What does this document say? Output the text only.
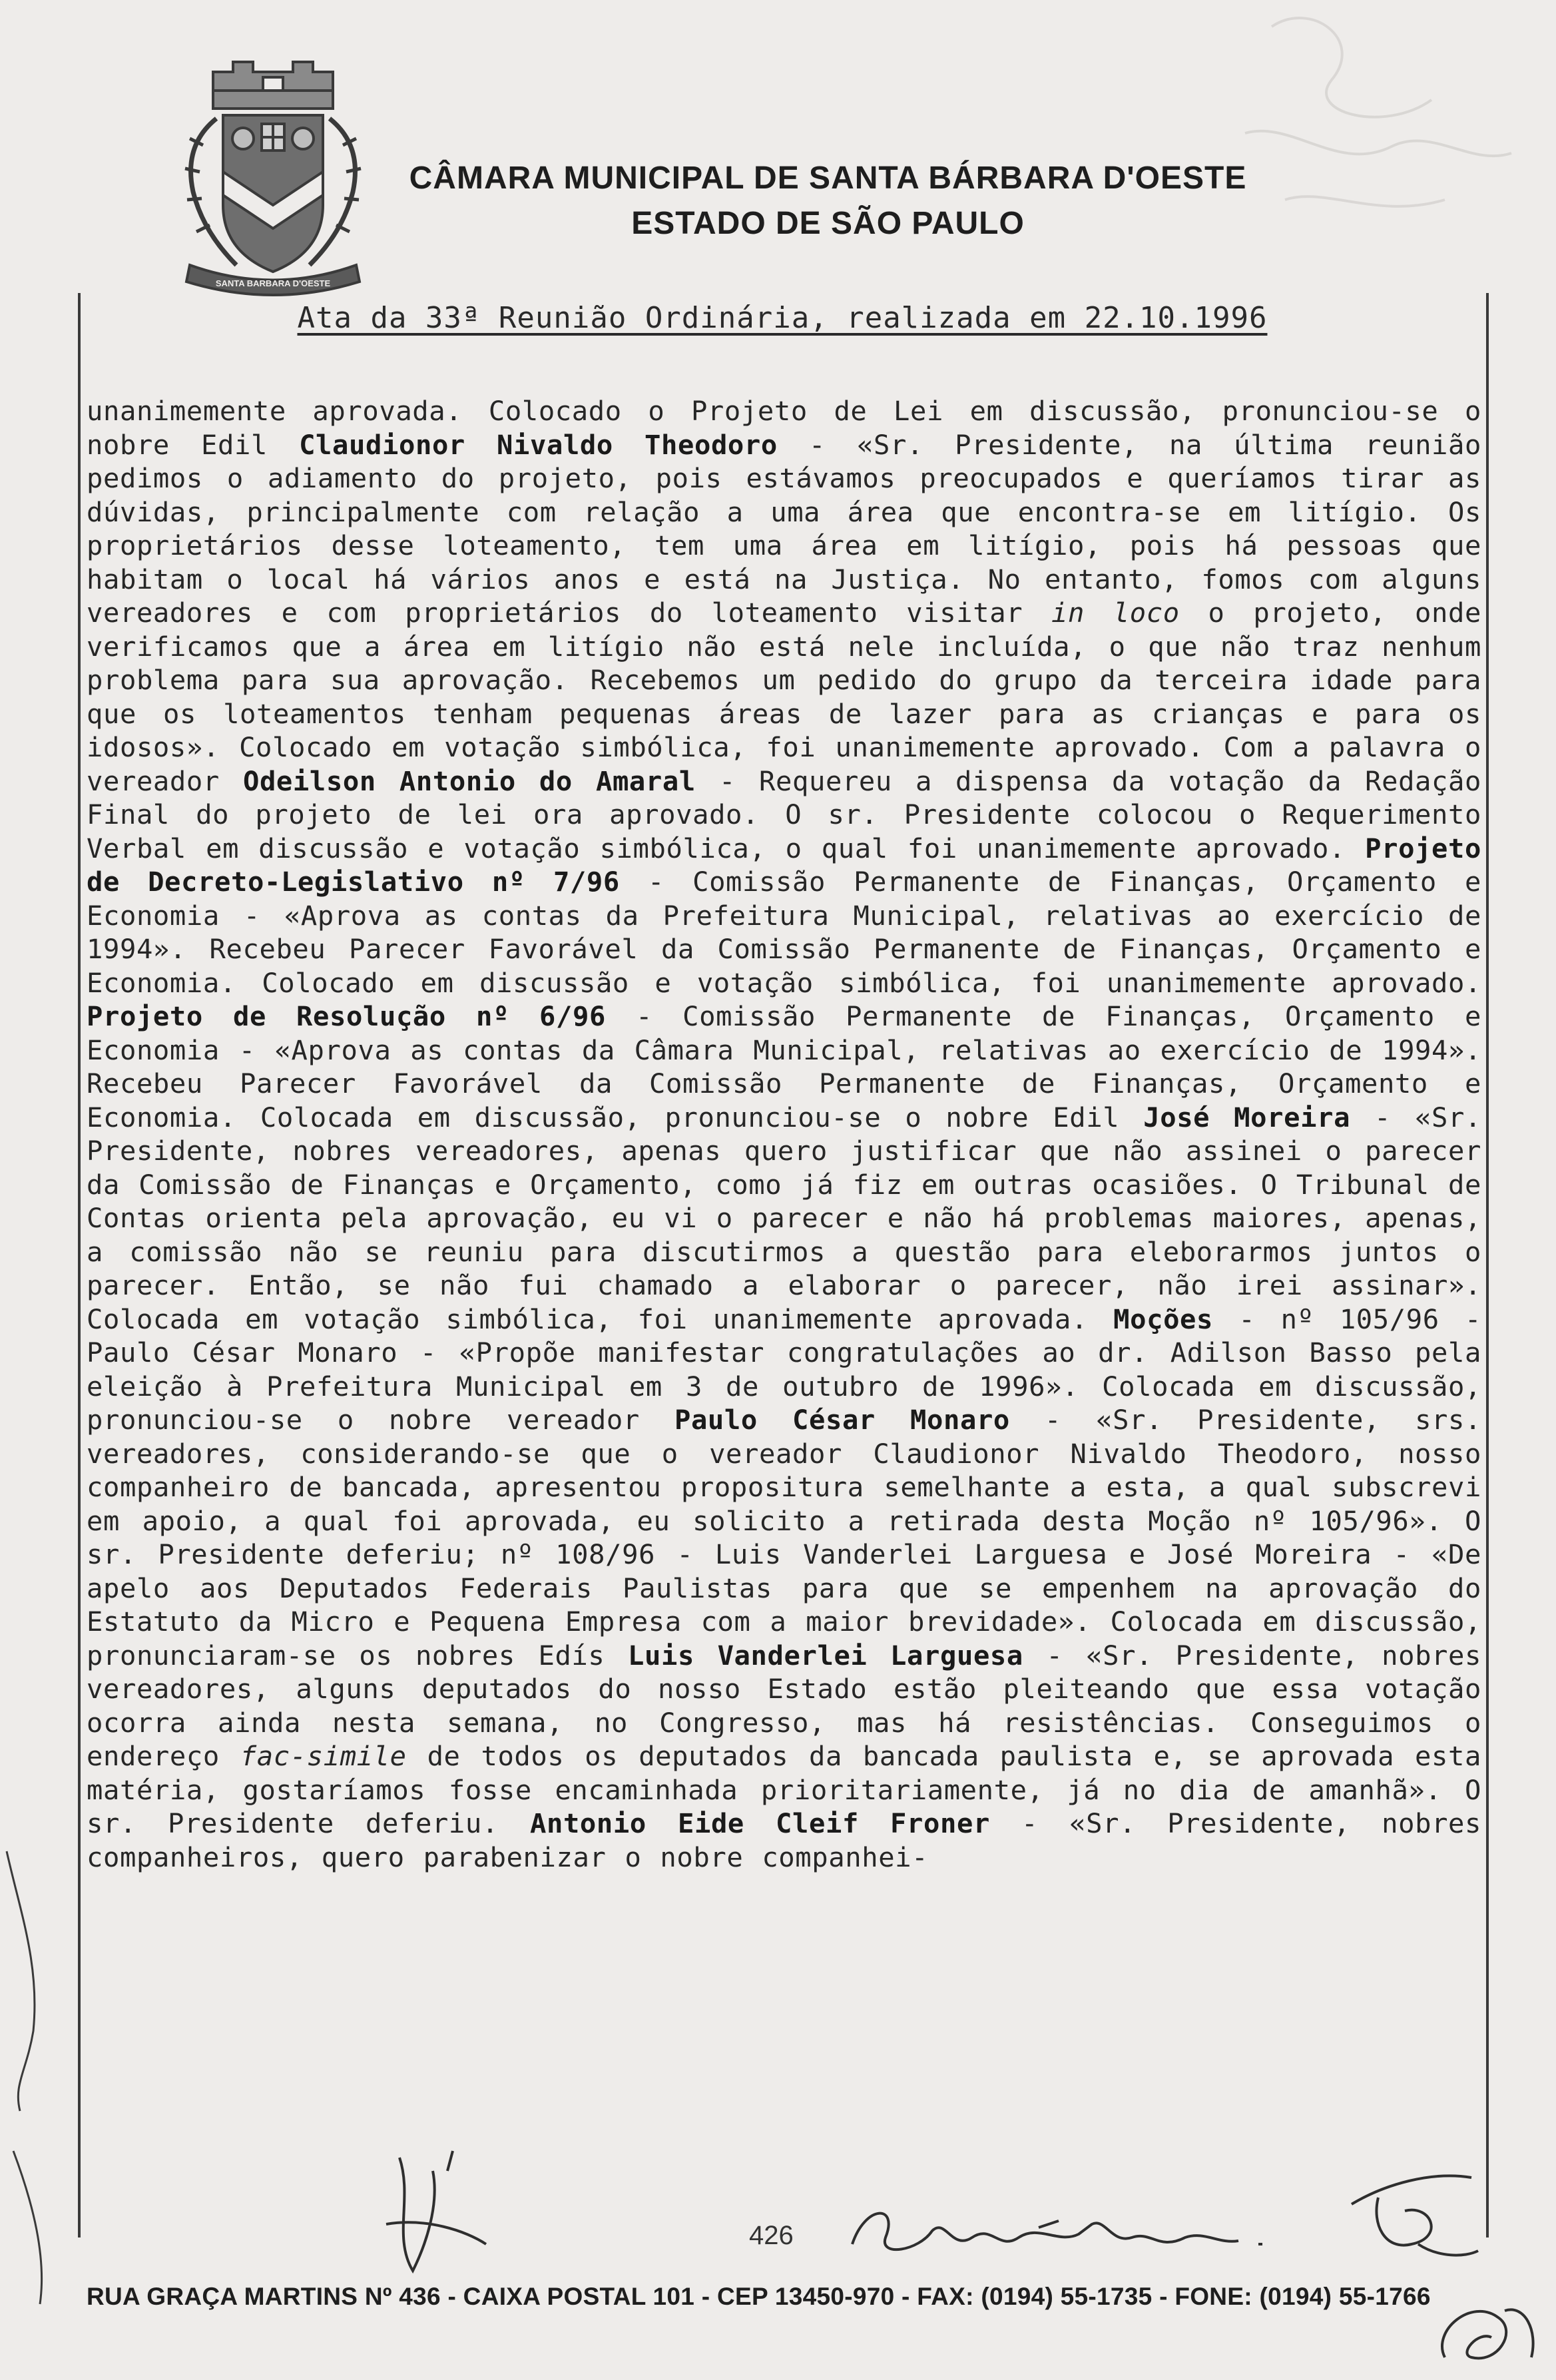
SANTA BARBARA D'OESTE
CÂMARA MUNICIPAL DE SANTA BÁRBARA D'OESTE
ESTADO DE SÃO PAULO
Ata da 33ª Reunião Ordinária, realizada em 22.10.1996
unanimemente aprovada. Colocado o Projeto de Lei em discussão, pronunciou-se o nobre Edil Claudionor Nivaldo Theodoro - «Sr. Presidente, na última reunião pedimos o adiamento do projeto, pois estávamos preocupados e queríamos tirar as dúvidas, principalmente com relação a uma área que encontra-se em litígio. Os proprietários desse loteamento, tem uma área em litígio, pois há pessoas que habitam o local há vários anos e está na Justiça. No entanto, fomos com alguns vereadores e com proprietários do loteamento visitar in loco o projeto, onde verificamos que a área em litígio não está nele incluída, o que não traz nenhum problema para sua aprovação. Recebemos um pedido do grupo da terceira idade para que os loteamentos tenham pequenas áreas de lazer para as crianças e para os idosos». Colocado em votação simbólica, foi unanimemente aprovado. Com a palavra o vereador Odeilson Antonio do Amaral - Requereu a dispensa da votação da Redação Final do projeto de lei ora aprovado. O sr. Presidente colocou o Requerimento Verbal em discussão e votação simbólica, o qual foi unanimemente aprovado. Projeto de Decreto-Legislativo nº 7/96 - Comissão Permanente de Finanças, Orçamento e Economia - «Aprova as contas da Prefeitura Municipal, relativas ao exercício de 1994». Recebeu Parecer Favorável da Comissão Permanente de Finanças, Orçamento e Economia. Colocado em discussão e votação simbólica, foi unanimemente aprovado. Projeto de Resolução nº 6/96 - Comissão Permanente de Finanças, Orçamento e Economia - «Aprova as contas da Câmara Municipal, relativas ao exercício de 1994». Recebeu Parecer Favorável da Comissão Permanente de Finanças, Orçamento e Economia. Colocada em discussão, pronunciou-se o nobre Edil José Moreira - «Sr. Presidente, nobres vereadores, apenas quero justificar que não assinei o parecer da Comissão de Finanças e Orçamento, como já fiz em outras ocasiões. O Tribunal de Contas orienta pela aprovação, eu vi o parecer e não há problemas maiores, apenas, a comissão não se reuniu para discutirmos a questão para eleborarmos juntos o parecer. Então, se não fui chamado a elaborar o parecer, não irei assinar». Colocada em votação simbólica, foi unanimemente aprovada. Moções - nº 105/96 - Paulo César Monaro - «Propõe manifestar congratulações ao dr. Adilson Basso pela eleição à Prefeitura Municipal em 3 de outubro de 1996». Colocada em discussão, pronunciou-se o nobre vereador Paulo César Monaro - «Sr. Presidente, srs. vereadores, considerando-se que o vereador Claudionor Nivaldo Theodoro, nosso companheiro de bancada, apresentou propositura semelhante a esta, a qual subscrevi em apoio, a qual foi aprovada, eu solicito a retirada desta Moção nº 105/96». O sr. Presidente deferiu; nº 108/96 - Luis Vanderlei Larguesa e José Moreira - «De apelo aos Deputados Federais Paulistas para que se empenhem na aprovação do Estatuto da Micro e Pequena Empresa com a maior brevidade». Colocada em discussão, pronunciaram-se os nobres Edís Luis Vanderlei Larguesa - «Sr. Presidente, nobres vereadores, alguns deputados do nosso Estado estão pleiteando que essa votação ocorra ainda nesta semana, no Congresso, mas há resistências. Conseguimos o endereço fac-simile de todos os deputados da bancada paulista e, se aprovada esta matéria, gostaríamos fosse encaminhada prioritariamente, já no dia de amanhã». O sr. Presidente deferiu. Antonio Eide Cleif Froner - «Sr. Presidente, nobres companheiros, quero parabenizar o nobre companhei-
426
RUA GRAÇA MARTINS Nº 436 - CAIXA POSTAL 101 - CEP 13450-970 - FAX: (0194) 55-1735 - FONE: (0194) 55-1766
